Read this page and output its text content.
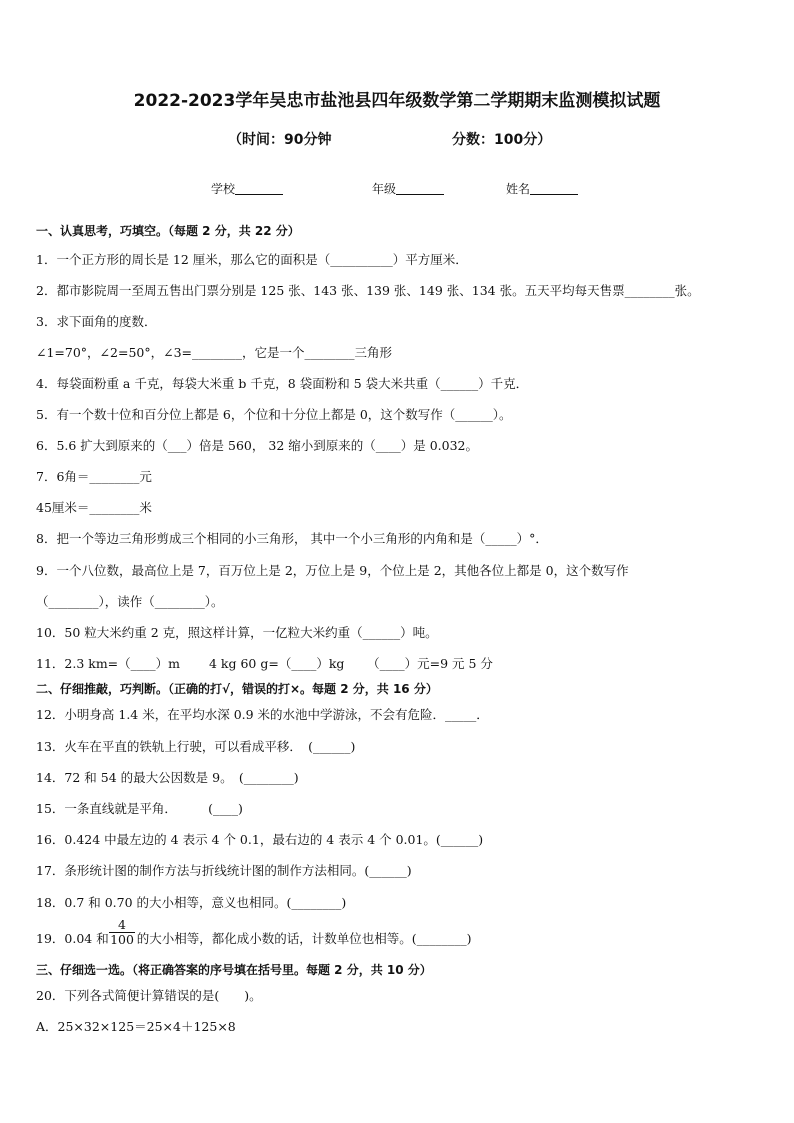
2022-2023学年吴忠市盐池县四年级数学第二学期期末监测模拟试题
（时间：90分钟	分数：100分）
学校	年级	姓名
一、认真思考，巧填空。（每题 2 分，共 22 分）
1．一个正方形的周长是 12 厘米，那么它的面积是（__________）平方厘米．
2．都市影院周一至周五售出门票分别是 125 张、143 张、139 张、149 张、134 张。五天平均每天售票________张。
3．求下面角的度数．
∠1=70°，∠2=50°，∠3=________，它是一个________三角形
4．每袋面粉重 a 千克，每袋大米重 b 千克，8 袋面粉和 5 袋大米共重（______）千克．
5．有一个数十位和百分位上都是 6，个位和十分位上都是 0，这个数写作（______）。
6．5.6 扩大到原来的（___）倍是 560， 32 缩小到原来的（____）是 0.032。
7．6角＝________元
45厘米＝________米
8．把一个等边三角形剪成三个相同的小三角形， 其中一个小三角形的内角和是（_____）°．
9．一个八位数，最高位上是 7，百万位上是 2，万位上是 9，个位上是 2，其他各位上都是 0，这个数写作
（________），读作（________）。
10．50 粒大米约重 2 克，照这样计算，一亿粒大米约重（______）吨。
11．2.3 km=（____）m 　　4 kg 60 g=（____）kg 　　（____）元=9 元 5 分
二、仔细推敲，巧判断。（正确的打√，错误的打×。每题 2 分，共 16 分）
12．小明身高 1.4 米，在平均水深 0.9 米的水池中学游泳，不会有危险．_____．
13．火车在平直的铁轨上行驶，可以看成平移．　(______)
14．72 和 54 的最大公因数是 9。　(________)
15．一条直线就是平角．　　　(____)
16．0.424 中最左边的 4 表示 4 个 0.1，最右边的 4 表示 4 个 0.01。(______)
17．条形统计图的制作方法与折线统计图的制作方法相同。(______)
18．0.7 和 0.70 的大小相等，意义也相同。(________)
19．0.04 和 的大小相等，都化成小数的话，计数单位也相等。(________)
$\frac{4}{100}$
三、仔细选一选。（将正确答案的序号填在括号里。每题 2 分，共 10 分）
20．下列各式简便计算错误的是(　　)。
A．25×32×125＝25×4＋125×8
